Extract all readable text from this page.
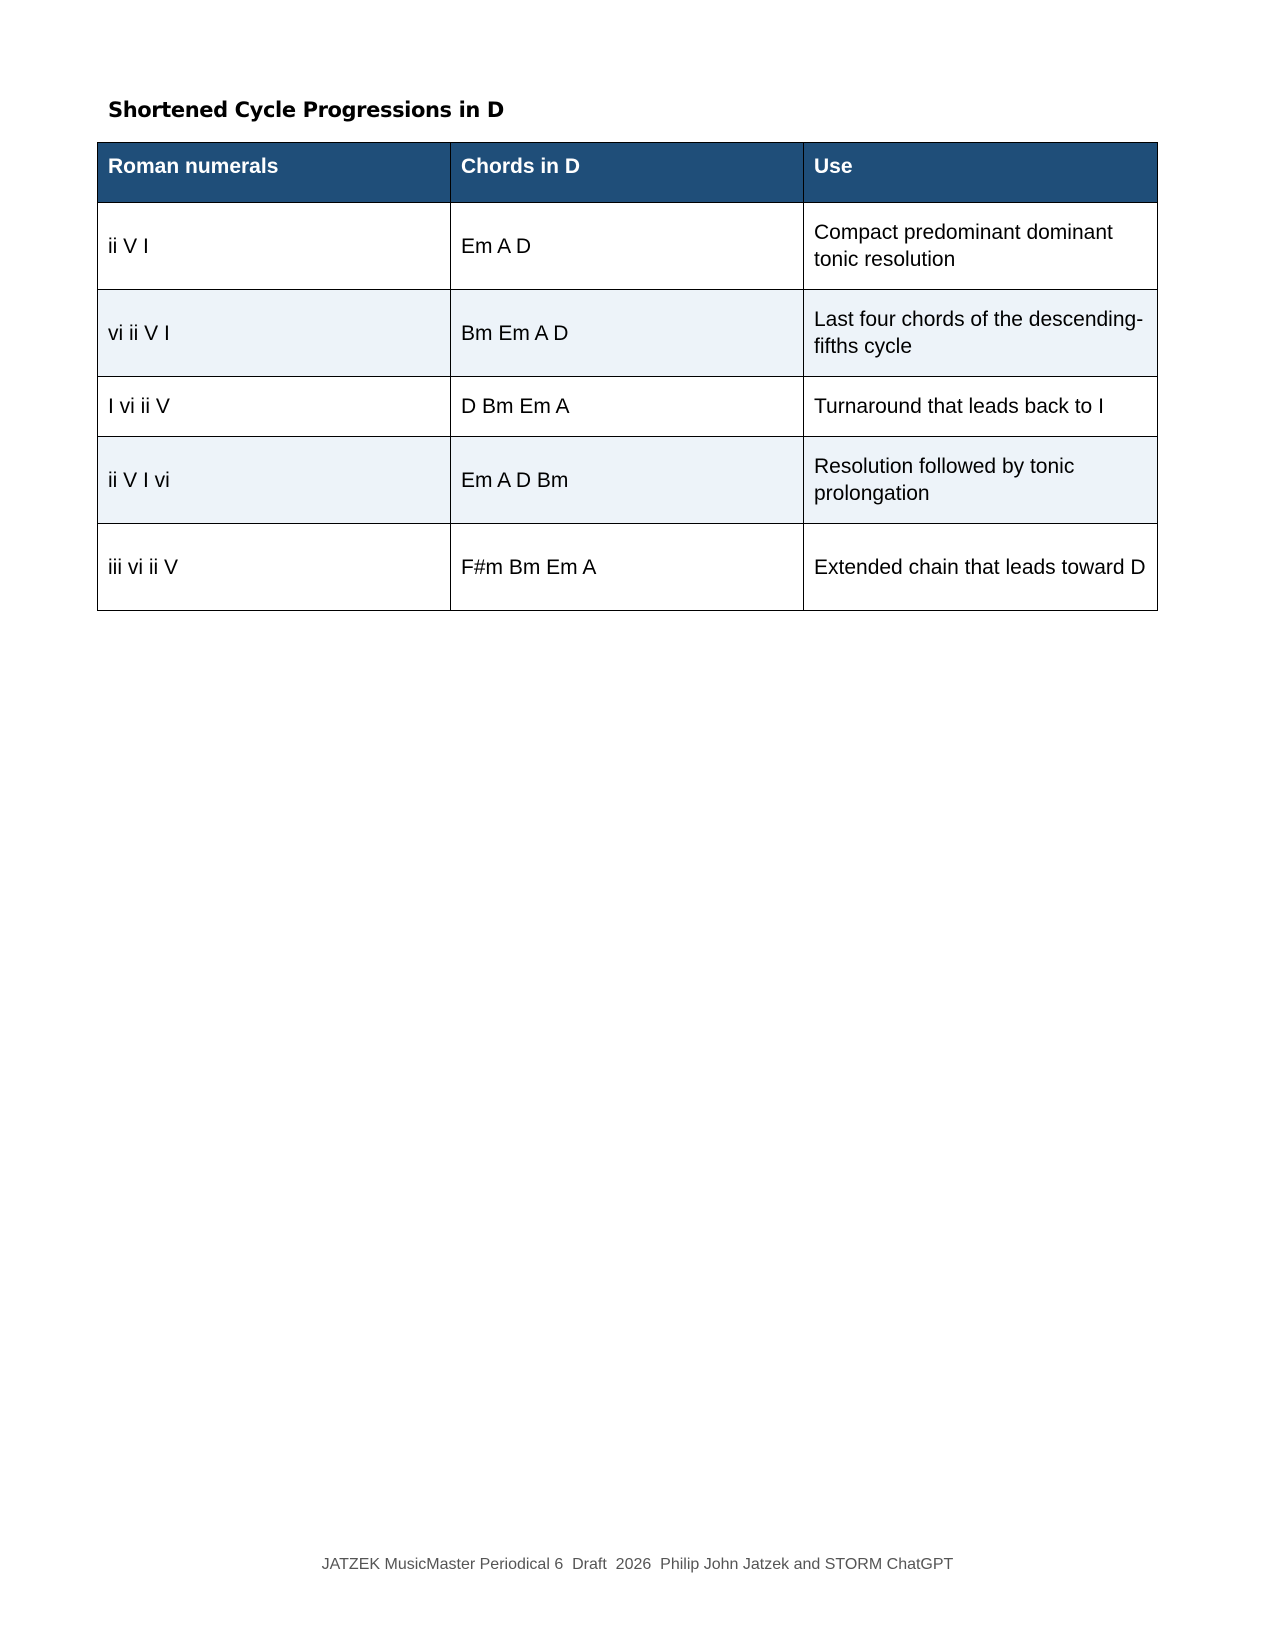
Shortened Cycle Progressions in D
Roman numerals	Chords in D	Use
ii V I	Em A D	Compact predominant dominant tonic resolution
vi ii V I	Bm Em A D	Last four chords of the descending-fifths cycle
I vi ii V	D Bm Em A	Turnaround that leads back to I
ii V I vi	Em A D Bm	Resolution followed by tonic prolongation
iii vi ii V	F#m Bm Em A	Extended chain that leads toward D
JATZEK MusicMaster Periodical 6  Draft  2026  Philip John Jatzek and STORM ChatGPT
